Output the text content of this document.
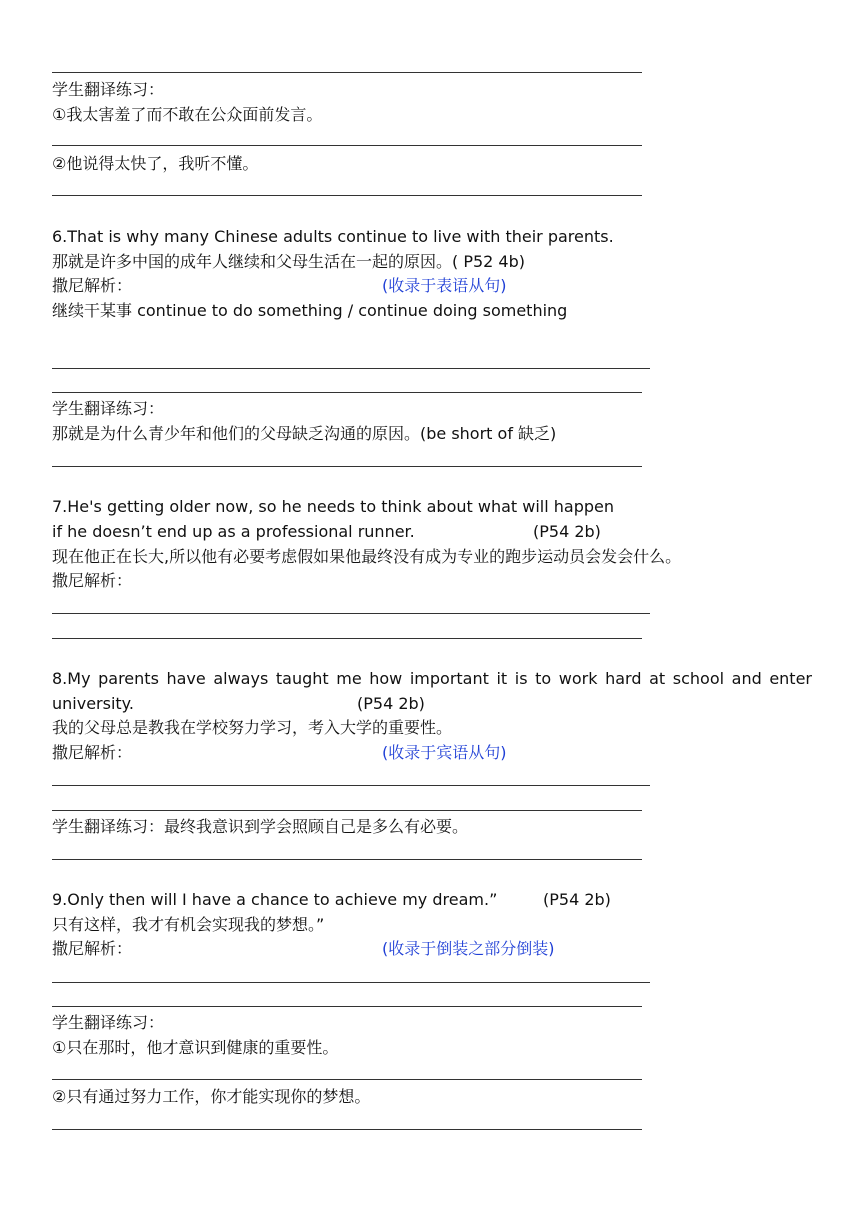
学生翻译练习：
①我太害羞了而不敢在公众面前发言。
②他说得太快了，我听不懂。
6.That is why many Chinese adults continue to live with their parents.
那就是许多中国的成年人继续和父母生活在一起的原因。( P52 4b)
撒尼解析：	(收录于表语从句)
继续干某事 continue to do something / continue doing something
学生翻译练习：
那就是为什么青少年和他们的父母缺乏沟通的原因。(be short of 缺乏)
7.He's getting older now, so he needs to think about what will happen
if he doesn’t end up as a professional runner.	(P54 2b)
现在他正在长大,所以他有必要考虑假如果他最终没有成为专业的跑步运动员会发会什么。
撒尼解析：
8.My parents have always taught me how important it is to work hard at school and enter
university.	(P54 2b)
我的父母总是教我在学校努力学习，考入大学的重要性。
撒尼解析：	(收录于宾语从句)
学生翻译练习：最终我意识到学会照顾自己是多么有必要。
9.Only then will I have a chance to achieve my dream.”	(P54 2b)
只有这样，我才有机会实现我的梦想。”
撒尼解析：	(收录于倒装之部分倒装)
学生翻译练习：
①只在那时，他才意识到健康的重要性。
②只有通过努力工作，你才能实现你的梦想。
